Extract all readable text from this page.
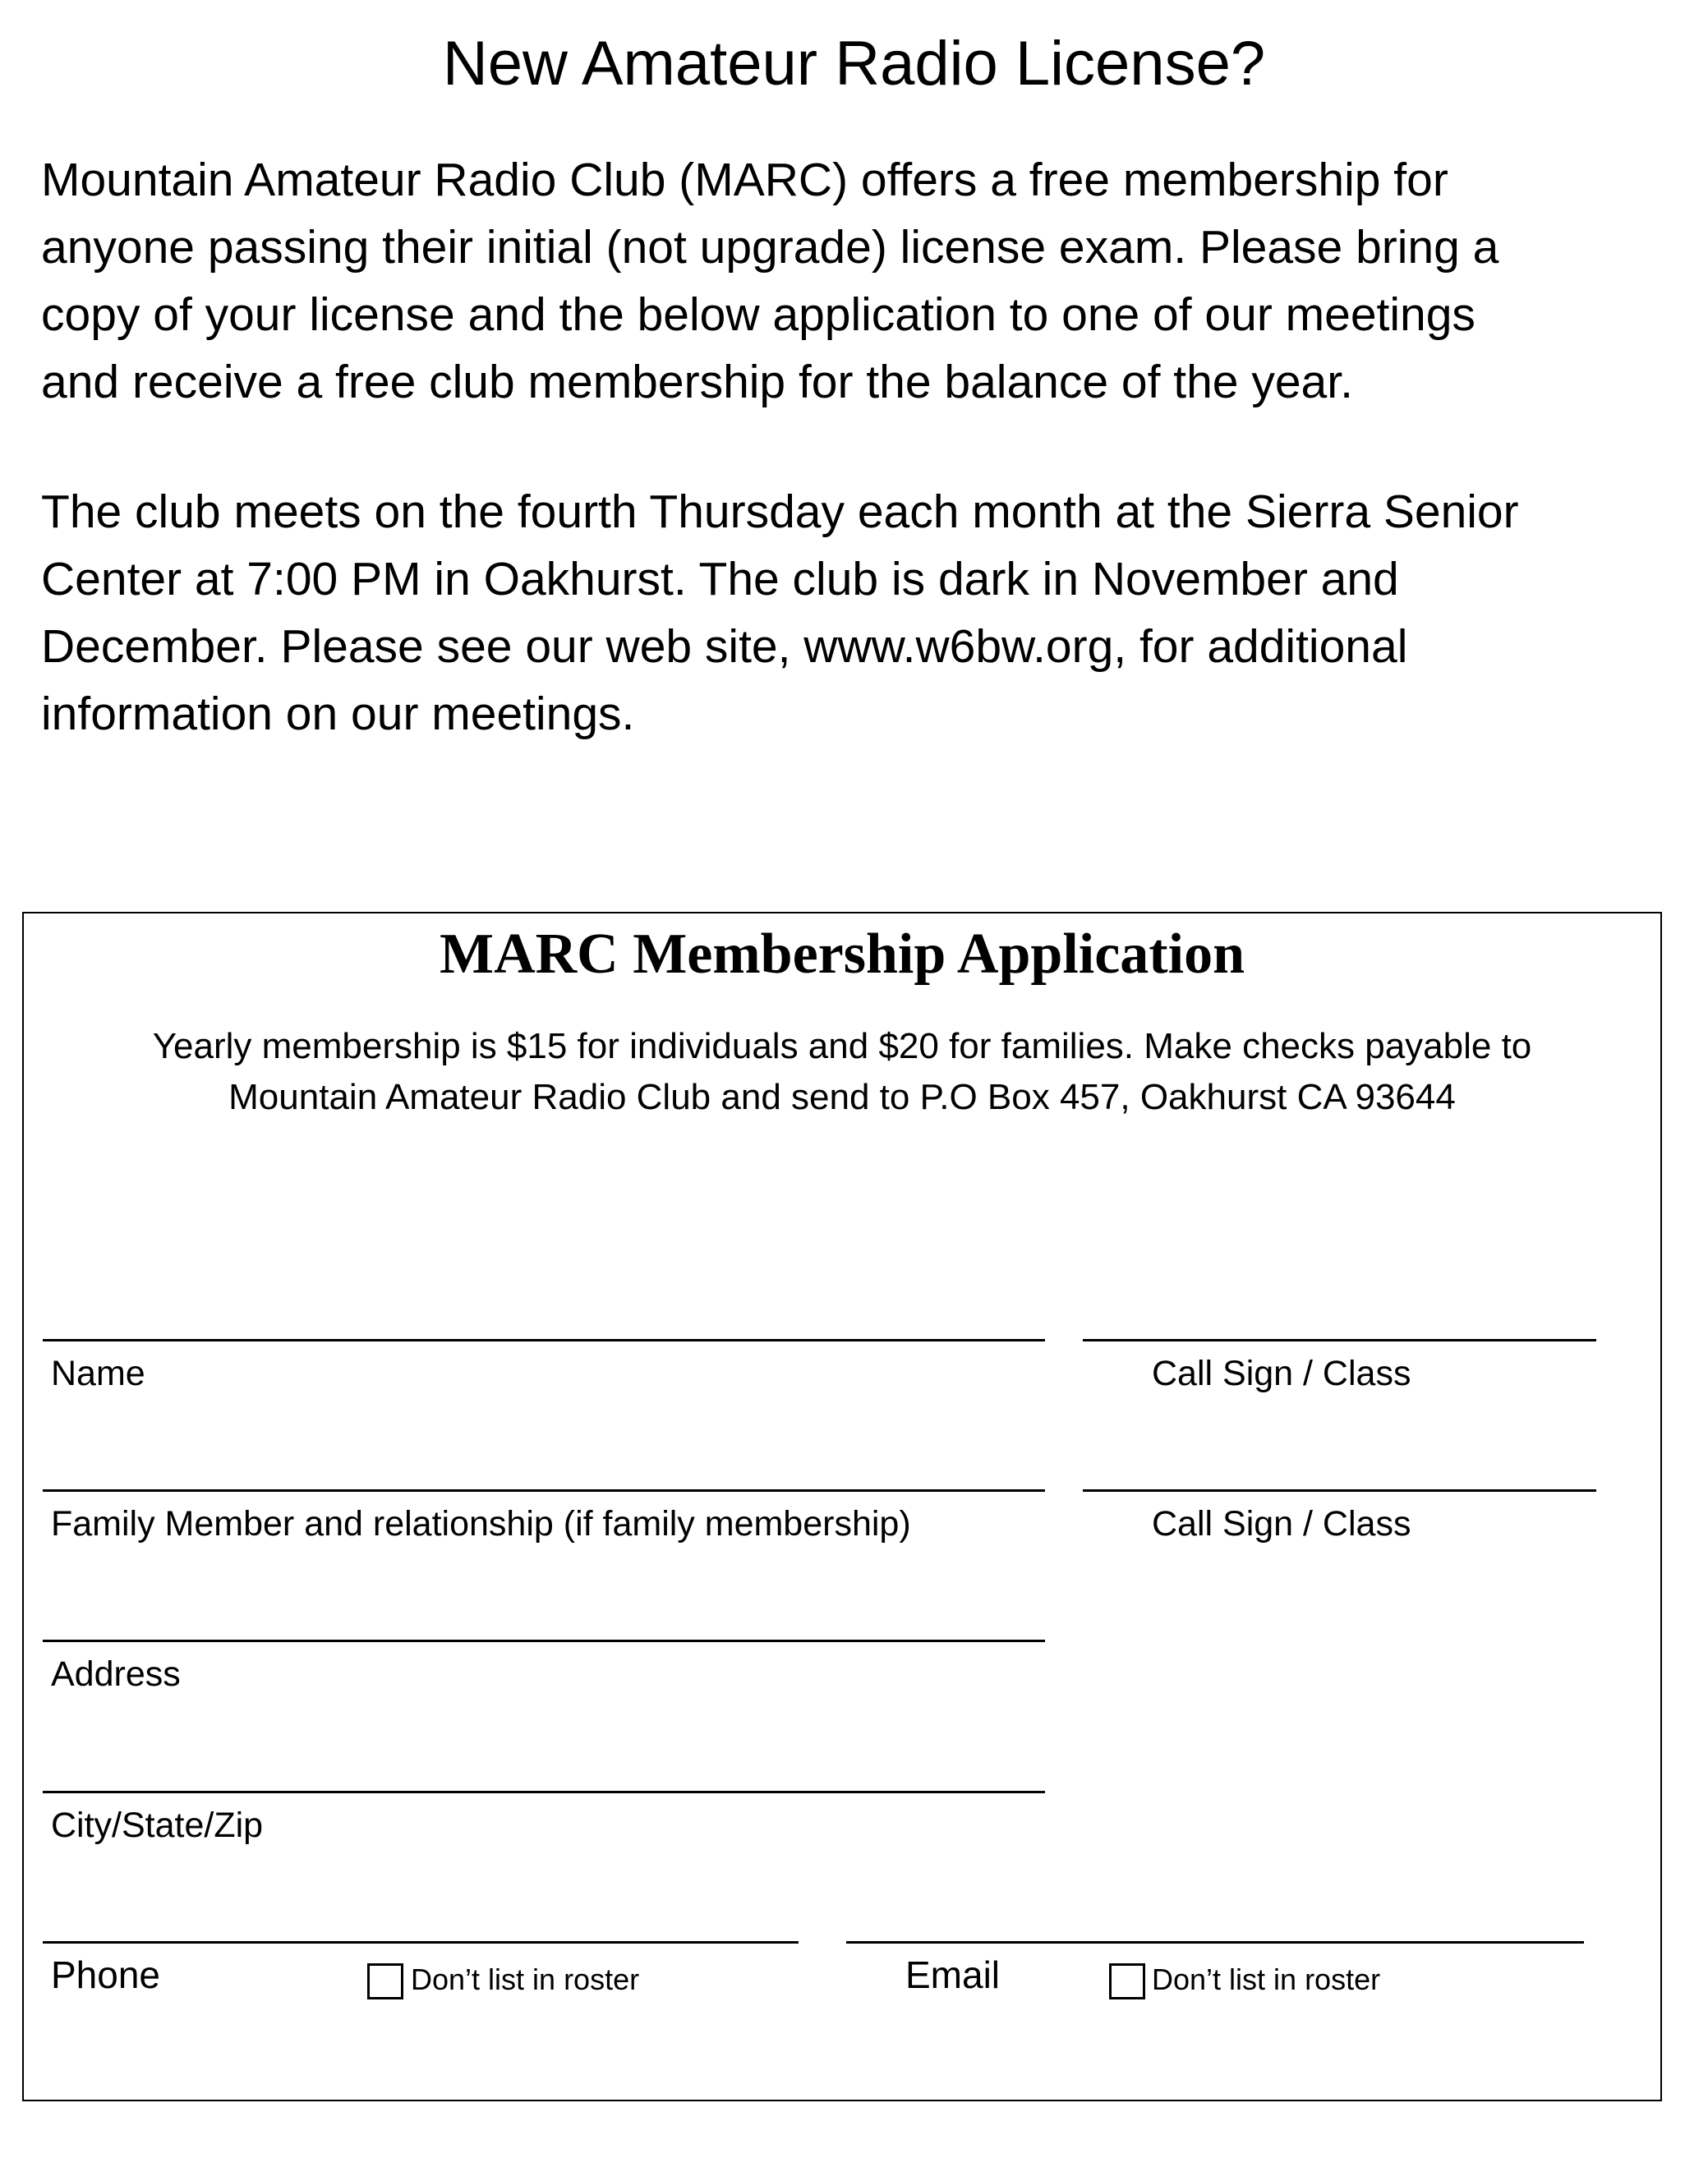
New Amateur Radio License?

Mountain Amateur Radio Club (MARC) offers a free membership for
anyone passing their initial (not upgrade) license exam. Please bring a
copy of your license and the below application to one of our meetings
and receive a free club membership for the balance of the year.

The club meets on the fourth Thursday each month at the Sierra Senior
Center at 7:00 PM in Oakhurst. The club is dark in November and
December. Please see our web site, www.w6bw.org, for additional
information on our meetings.

MARC Membership Application

Yearly membership is $15 for individuals and $20 for families. Make checks payable to
Mountain Amateur Radio Club and send to P.O Box 457, Oakhurst CA 93644

Name	Call Sign / Class
Family Member and relationship (if family membership)	Call Sign / Class
Address
City/State/Zip
Phone	Don’t list in roster	Email	Don’t list in roster
